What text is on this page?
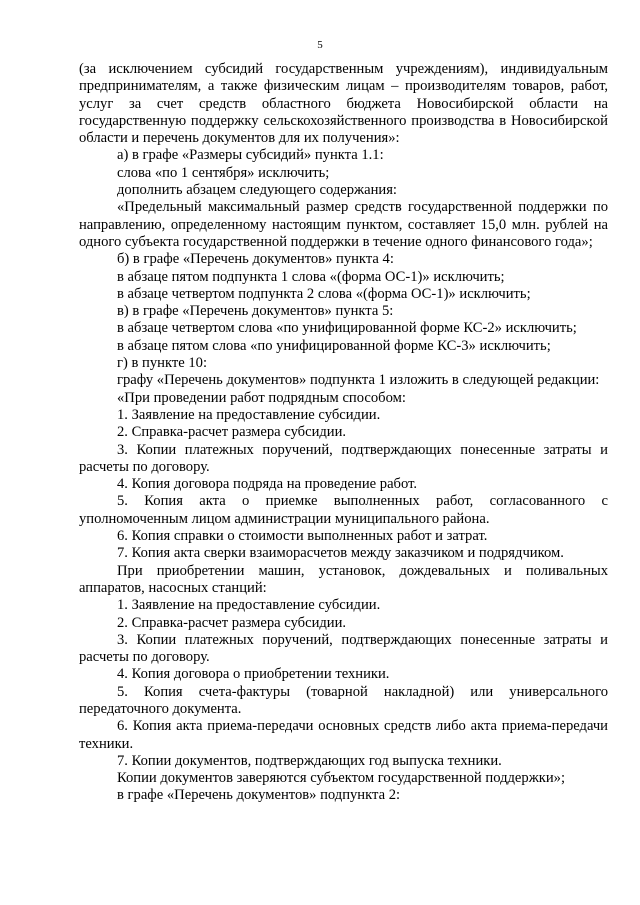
5

(за исключением субсидий государственным учреждениям), индивидуальным предпринимателям, а также физическим лицам – производителям товаров, работ, услуг за счет средств областного бюджета Новосибирской области на государственную поддержку сельскохозяйственного производства в Новосибирской области и перечень документов для их получения»:

а) в графе «Размеры субсидий» пункта 1.1:

слова «по 1 сентября» исключить;

дополнить абзацем следующего содержания:

«Предельный максимальный размер средств государственной поддержки по направлению, определенному настоящим пунктом, составляет 15,0 млн. рублей на одного субъекта государственной поддержки в течение одного финансового года»;

б) в графе «Перечень документов» пункта 4:

в абзаце пятом подпункта 1 слова «(форма ОС-1)» исключить;

в абзаце четвертом подпункта 2 слова «(форма ОС-1)» исключить;

в) в графе «Перечень документов» пункта 5:

в абзаце четвертом слова «по унифицированной форме КС-2» исключить;

в абзаце пятом слова «по унифицированной форме КС-3» исключить;

г) в пункте 10:

графу «Перечень документов» подпункта 1 изложить в следующей редакции:

«При проведении работ подрядным способом:

1. Заявление на предоставление субсидии.

2. Справка-расчет размера субсидии.

3. Копии платежных поручений, подтверждающих понесенные затраты и расчеты по договору.

4. Копия договора подряда на проведение работ.

5. Копия акта о приемке выполненных работ, согласованного с уполномоченным лицом администрации муниципального района.

6. Копия справки о стоимости выполненных работ и затрат.

7. Копия акта сверки взаиморасчетов между заказчиком и подрядчиком.

При приобретении машин, установок, дождевальных и поливальных аппаратов, насосных станций:

1. Заявление на предоставление субсидии.

2. Справка-расчет размера субсидии.

3. Копии платежных поручений, подтверждающих понесенные затраты и расчеты по договору.

4. Копия договора о приобретении техники.

5. Копия счета-фактуры (товарной накладной) или универсального передаточного документа.

6. Копия акта приема-передачи основных средств либо акта приема-передачи техники.

7. Копии документов, подтверждающих год выпуска техники.

Копии документов заверяются субъектом государственной поддержки»;

в графе «Перечень документов» подпункта 2:
